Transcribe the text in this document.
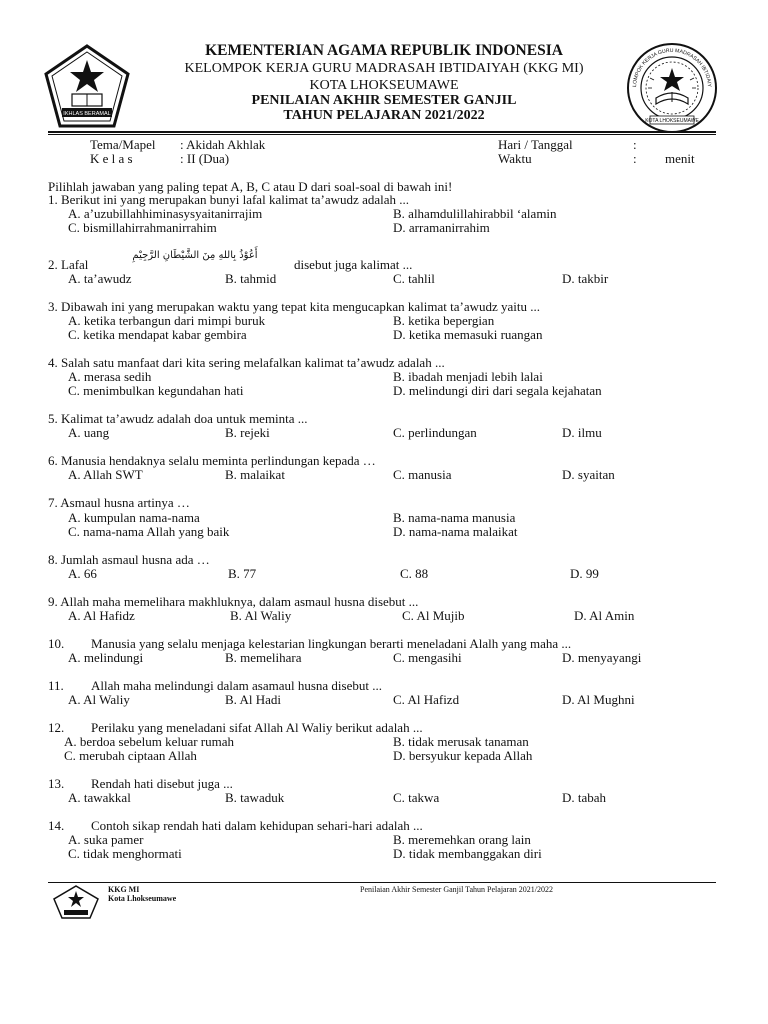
IKHLAS BERAMAL
KOTA LHOKSEUMAWE
LOMPOK KERJA GURU MADRASAH IBTIDAIY
KEMENTERIAN AGAMA REPUBLIK INDONESIA
KELOMPOK KERJA GURU MADRASAH IBTIDAIYAH (KKG MI)
KOTA LHOKSEUMAWE
PENILAIAN AKHIR SEMESTER GANJIL
TAHUN PELAJARAN 2021/2022
Tema/Mapel : Akidah Akhlak
K e l a s	: II (Dua)
Hari / Tanggal	:
Waktu	: menit
Pilihlah jawaban yang paling tepat A, B, C atau D dari soal-soal di bawah ini!
1. Berikut ini yang merupakan bunyi lafal kalimat ta’awudz adalah ...
A. a’uzubillahhiminasysyaitanirrajim	B. alhamdulillahirabbil ‘alamin
C. bismillahirrahmanirrahim	D. arramanirrahim
2. Lafal
أَعُوْذُ بِاللهِ مِنَ الشَّيْطَانِ الرَّجِيْمِ
disebut juga kalimat ...
A. ta’awudz	B. tahmid	C. tahlil	D. takbir
3. Dibawah ini yang merupakan waktu yang tepat kita mengucapkan kalimat ta’awudz yaitu ...
A. ketika terbangun dari mimpi buruk	B. ketika bepergian
C. ketika mendapat kabar gembira	D. ketika memasuki ruangan
4. Salah satu manfaat dari kita sering melafalkan kalimat ta’awudz adalah ...
A. merasa sedih	B. ibadah menjadi lebih lalai
C. menimbulkan kegundahan hati	D. melindungi diri dari segala kejahatan
5. Kalimat ta’awudz adalah doa untuk meminta ...
A. uang	B. rejeki	C. perlindungan	D. ilmu
6. Manusia hendaknya selalu meminta perlindungan kepada …
A. Allah SWT	B. malaikat	C. manusia	D. syaitan
7. Asmaul husna artinya …
A. kumpulan nama-nama	B. nama-nama manusia
C. nama-nama Allah yang baik	D. nama-nama malaikat
8. Jumlah asmaul husna ada …
A. 66	B. 77	C. 88	D. 99
9. Allah maha memelihara makhluknya, dalam asmaul husna disebut ...
A. Al Hafidz	B. Al Waliy	C. Al Mujib	D. Al Amin
10. Manusia yang selalu menjaga kelestarian lingkungan berarti meneladani Alalh yang maha ...
A. melindungi	B. memelihara	C. mengasihi	D. menyayangi
11. Allah maha melindungi dalam asamaul husna disebut ...
A. Al Waliy	B. Al Hadi	C. Al Hafizd	D. Al Mughni
12. Perilaku yang meneladani sifat Allah Al Waliy berikut adalah ...
A. berdoa sebelum keluar rumah	B. tidak merusak tanaman
C. merubah ciptaan Allah	D. bersyukur kepada Allah
13. Rendah hati disebut juga ...
A. tawakkal	B. tawaduk	C. takwa	D. tabah
14. Contoh sikap rendah hati dalam kehidupan sehari-hari adalah ...
A. suka pamer	B. meremehkan orang lain
C. tidak menghormati	D. tidak membanggakan diri
KKG MI
Kota Lhokseumawe
Penilaian Akhir Semester Ganjil Tahun Pelajaran 2021/2022
